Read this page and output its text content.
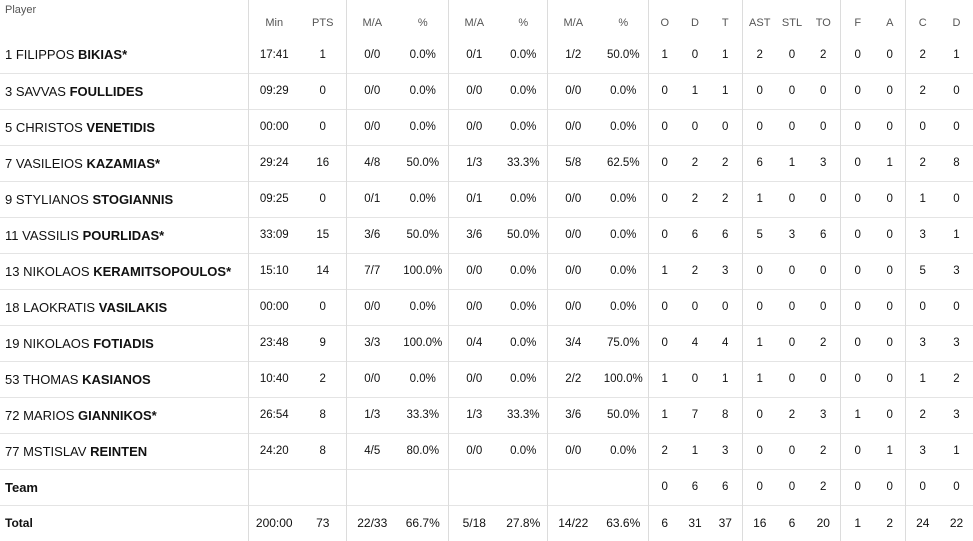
Player	Min	PTS	M/A	%	M/A	%	M/A	%	O	D	T	AST	STL	TO	F	A	C	D
1 FILIPPOS BIKIAS*	17:41	1	0/0	0.0%	0/1	0.0%	1/2	50.0%	1	0	1	2	0	2	0	0	2	1
3 SAVVAS FOULLIDES	09:29	0	0/0	0.0%	0/0	0.0%	0/0	0.0%	0	1	1	0	0	0	0	0	2	0
5 CHRISTOS VENETIDIS	00:00	0	0/0	0.0%	0/0	0.0%	0/0	0.0%	0	0	0	0	0	0	0	0	0	0
7 VASILEIOS KAZAMIAS*	29:24	16	4/8	50.0%	1/3	33.3%	5/8	62.5%	0	2	2	6	1	3	0	1	2	8
9 STYLIANOS STOGIANNIS	09:25	0	0/1	0.0%	0/1	0.0%	0/0	0.0%	0	2	2	1	0	0	0	0	1	0
11 VASSILIS POURLIDAS*	33:09	15	3/6	50.0%	3/6	50.0%	0/0	0.0%	0	6	6	5	3	6	0	0	3	1
13 NIKOLAOS KERAMITSOPOULOS*	15:10	14	7/7	100.0%	0/0	0.0%	0/0	0.0%	1	2	3	0	0	0	0	0	5	3
18 LAOKRATIS VASILAKIS	00:00	0	0/0	0.0%	0/0	0.0%	0/0	0.0%	0	0	0	0	0	0	0	0	0	0
19 NIKOLAOS FOTIADIS	23:48	9	3/3	100.0%	0/4	0.0%	3/4	75.0%	0	4	4	1	0	2	0	0	3	3
53 THOMAS KASIANOS	10:40	2	0/0	0.0%	0/0	0.0%	2/2	100.0%	1	0	1	1	0	0	0	0	1	2
72 MARIOS GIANNIKOS*	26:54	8	1/3	33.3%	1/3	33.3%	3/6	50.0%	1	7	8	0	2	3	1	0	2	3
77 MSTISLAV REINTEN	24:20	8	4/5	80.0%	0/0	0.0%	0/0	0.0%	2	1	3	0	0	2	0	1	3	1
Team									0	6	6	0	0	2	0	0	0	0
Total	200:00	73	22/33	66.7%	5/18	27.8%	14/22	63.6%	6	31	37	16	6	20	1	2	24	22
